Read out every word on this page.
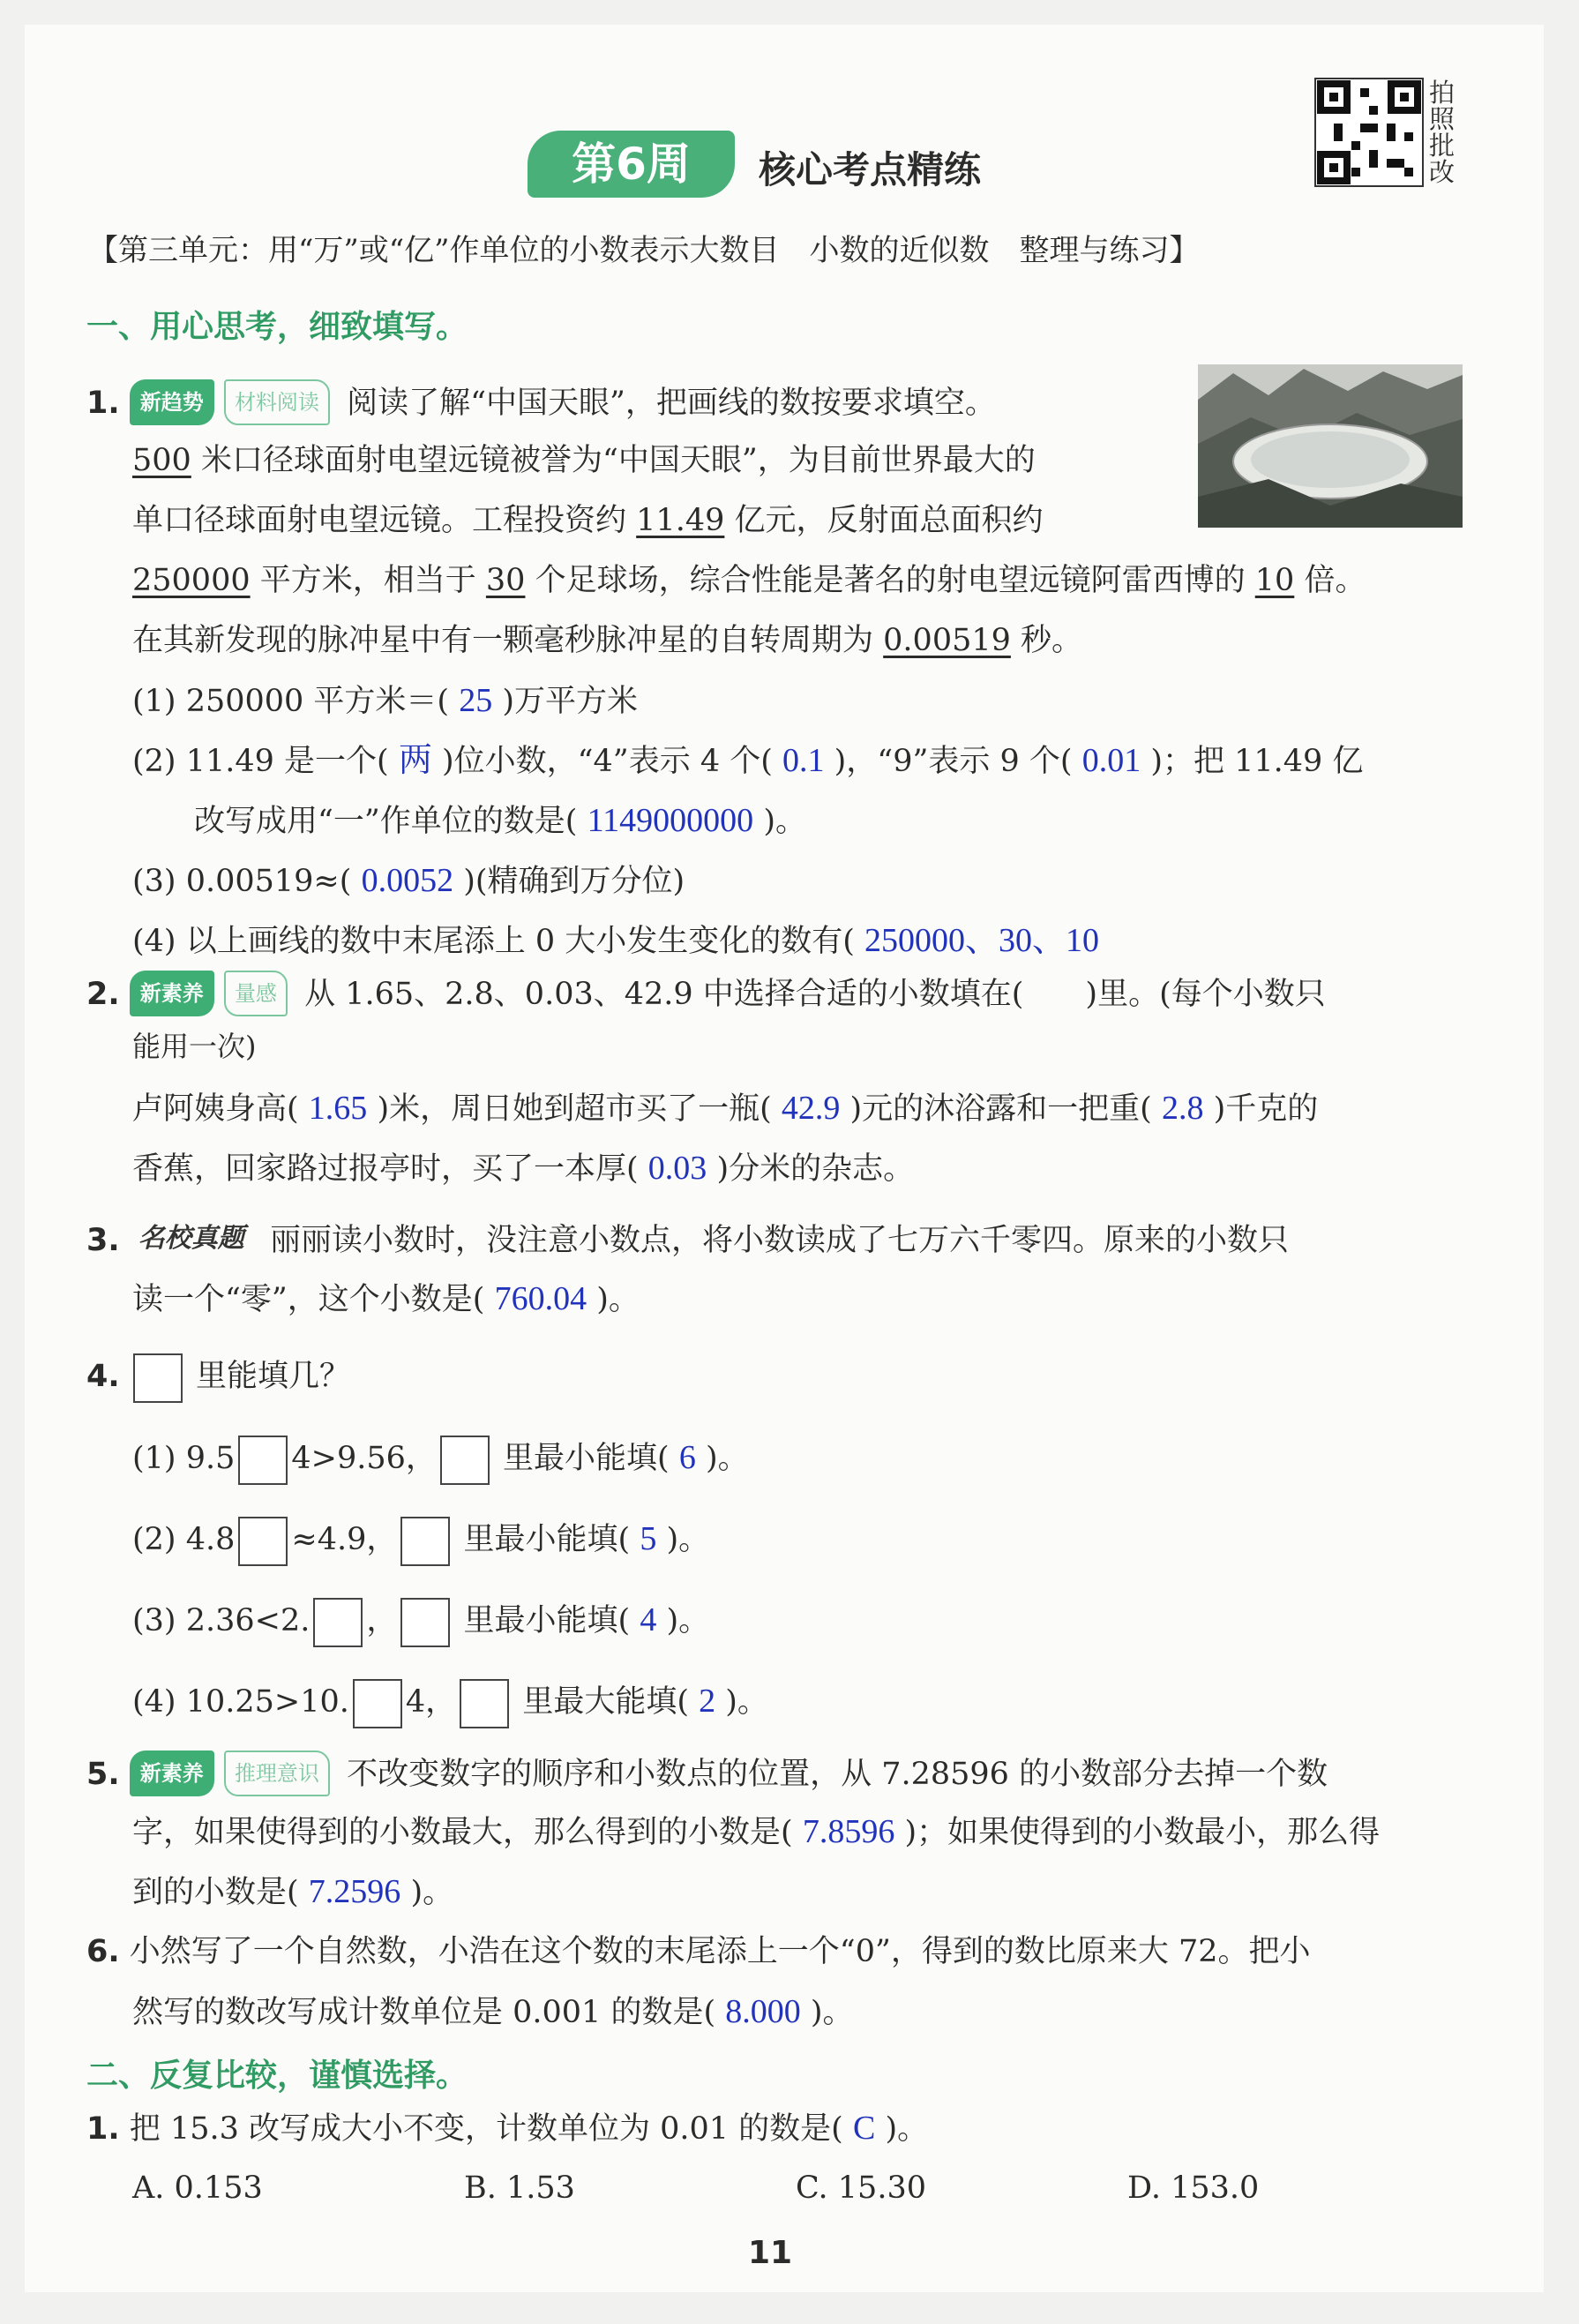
第6周	核心考点精练
拍照批改
【第三单元：用“万”或“亿”作单位的小数表示大数目　小数的近似数　整理与练习】
一、用心思考，细致填写。
1. 新趋势 材料阅读 阅读了解“中国天眼”，把画线的数按要求填空。
500 米口径球面射电望远镜被誉为“中国天眼”，为目前世界最大的
单口径球面射电望远镜。工程投资约 11.49 亿元，反射面总面积约
250000 平方米，相当于 30 个足球场，综合性能是著名的射电望远镜阿雷西博的 10 倍。
在其新发现的脉冲星中有一颗毫秒脉冲星的自转周期为 0.00519 秒。
(1) 250000 平方米＝( 25 )万平方米
(2) 11.49 是一个( 两 )位小数，“4”表示 4 个( 0.1 )，“9”表示 9 个( 0.01 )；把 11.49 亿
改写成用“一”作单位的数是( 1149000000 )。
(3) 0.00519≈( 0.0052 )(精确到万分位)
(4) 以上画线的数中末尾添上 0 大小发生变化的数有( 250000、30、10
2. 新素养 量感 从 1.65、2.8、0.03、42.9 中选择合适的小数填在(　　)里。(每个小数只
能用一次)
卢阿姨身高( 1.65 )米，周日她到超市买了一瓶( 42.9 )元的沐浴露和一把重( 2.8 )千克的
香蕉，回家路过报亭时，买了一本厚( 0.03 )分米的杂志。
3. 名校真题 丽丽读小数时，没注意小数点，将小数读成了七万六千零四。原来的小数只
读一个“零”，这个小数是( 760.04 )。
4. 里能填几？
(1) 9.5 4>9.56， 里最小能填( 6 )。
(2) 4.8 ≈4.9， 里最小能填( 5 )。
(3) 2.36<2. ， 里最小能填( 4 )。
(4) 10.25>10. 4， 里最大能填( 2 )。
5. 新素养 推理意识 不改变数字的顺序和小数点的位置，从 7.28596 的小数部分去掉一个数
字，如果使得到的小数最大，那么得到的小数是( 7.8596 )；如果使得到的小数最小，那么得
到的小数是( 7.2596 )。
6. 小然写了一个自然数，小浩在这个数的末尾添上一个“0”，得到的数比原来大 72。把小
然写的数改写成计数单位是 0.001 的数是( 8.000 )。
二、反复比较，谨慎选择。
1. 把 15.3 改写成大小不变，计数单位为 0.01 的数是( C )。
A. 0.153	B. 1.53	C. 15.30	D. 153.0
11
